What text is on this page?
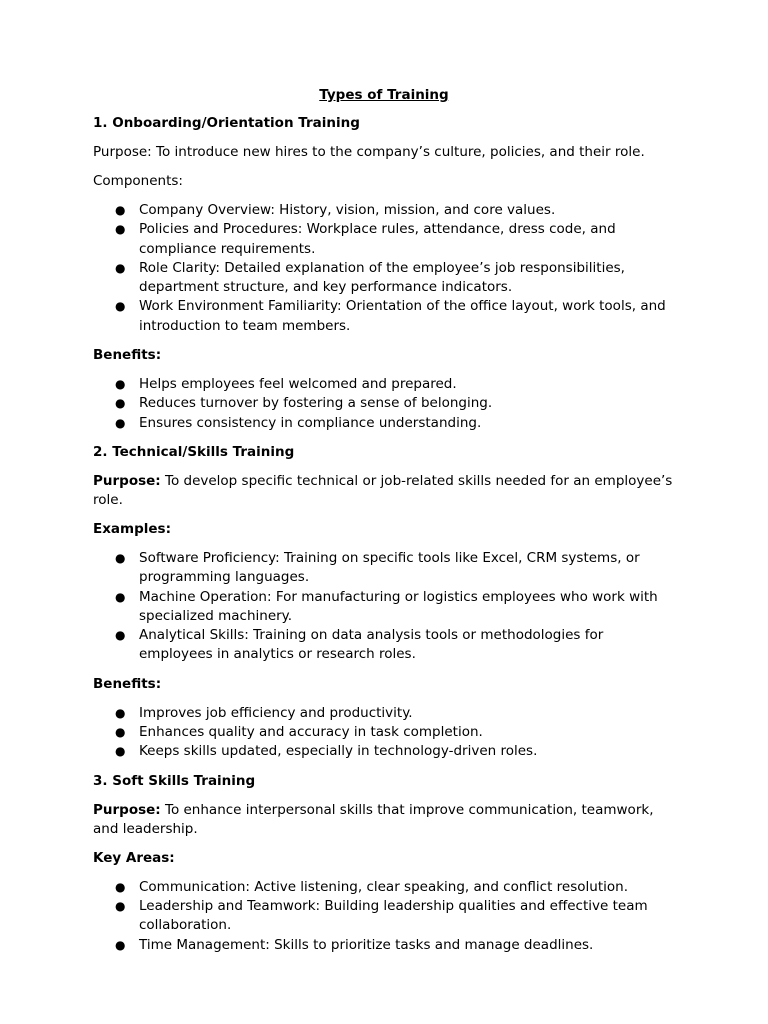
Types of Training
1. Onboarding/Orientation Training
Purpose: To introduce new hires to the company’s culture, policies, and their role.
Components:
● Company Overview: History, vision, mission, and core values.
● Policies and Procedures: Workplace rules, attendance, dress code, and compliance requirements.
● Role Clarity: Detailed explanation of the employee’s job responsibilities, department structure, and key performance indicators.
● Work Environment Familiarity: Orientation of the office layout, work tools, and introduction to team members.
Benefits:
● Helps employees feel welcomed and prepared.
● Reduces turnover by fostering a sense of belonging.
● Ensures consistency in compliance understanding.
2. Technical/Skills Training
Purpose: To develop specific technical or job-related skills needed for an employee’s role.
Examples:
● Software Proficiency: Training on specific tools like Excel, CRM systems, or programming languages.
● Machine Operation: For manufacturing or logistics employees who work with specialized machinery.
● Analytical Skills: Training on data analysis tools or methodologies for employees in analytics or research roles.
Benefits:
● Improves job efficiency and productivity.
● Enhances quality and accuracy in task completion.
● Keeps skills updated, especially in technology-driven roles.
3. Soft Skills Training
Purpose: To enhance interpersonal skills that improve communication, teamwork, and leadership.
Key Areas:
● Communication: Active listening, clear speaking, and conflict resolution.
● Leadership and Teamwork: Building leadership qualities and effective team collaboration.
● Time Management: Skills to prioritize tasks and manage deadlines.
